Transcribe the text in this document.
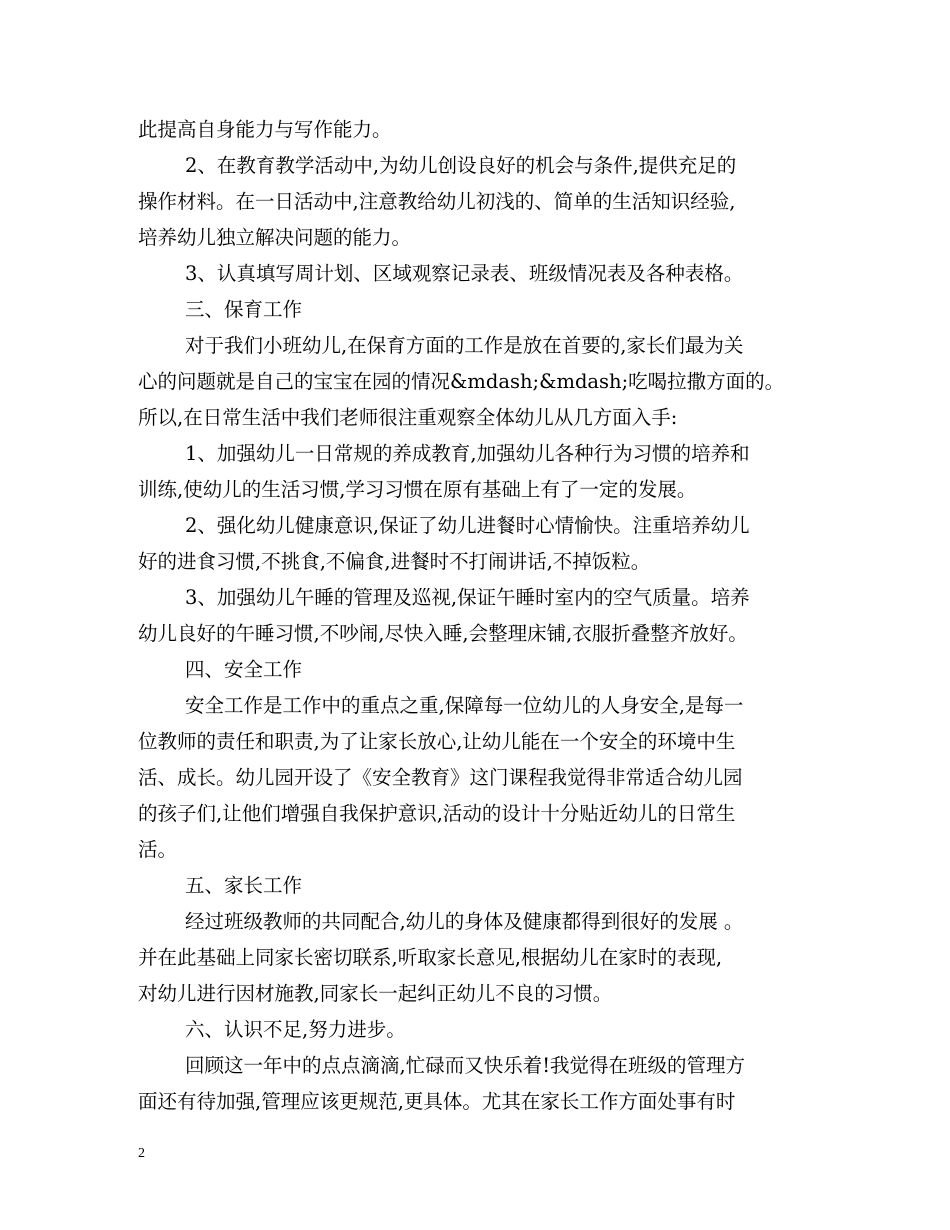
此提高自身能力与写作能力。
2、在教育教学活动中,为幼儿创设良好的机会与条件,提供充足的
操作材料。在一日活动中,注意教给幼儿初浅的、简单的生活知识经验,
培养幼儿独立解决问题的能力。
3、认真填写周计划、区域观察记录表、班级情况表及各种表格。
三、保育工作
对于我们小班幼儿,在保育方面的工作是放在首要的,家长们最为关
心的问题就是自己的宝宝在园的情况&mdash;&mdash;吃喝拉撒方面的。
所以,在日常生活中我们老师很注重观察全体幼儿从几方面入手:
1、加强幼儿一日常规的养成教育,加强幼儿各种行为习惯的培养和
训练,使幼儿的生活习惯,学习习惯在原有基础上有了一定的发展。
2、强化幼儿健康意识,保证了幼儿进餐时心情愉快。注重培养幼儿
好的进食习惯,不挑食,不偏食,进餐时不打闹讲话,不掉饭粒。
3、加强幼儿午睡的管理及巡视,保证午睡时室内的空气质量。培养
幼儿良好的午睡习惯,不吵闹,尽快入睡,会整理床铺,衣服折叠整齐放好。
四、安全工作
安全工作是工作中的重点之重,保障每一位幼儿的人身安全,是每一
位教师的责任和职责,为了让家长放心,让幼儿能在一个安全的环境中生
活、成长。幼儿园开设了《安全教育》这门课程我觉得非常适合幼儿园
的孩子们,让他们增强自我保护意识,活动的设计十分贴近幼儿的日常生
活。
五、家长工作
经过班级教师的共同配合,幼儿的身体及健康都得到很好的发展 。
并在此基础上同家长密切联系,听取家长意见,根据幼儿在家时的表现,
对幼儿进行因材施教,同家长一起纠正幼儿不良的习惯。
六、认识不足,努力进步。
回顾这一年中的点点滴滴,忙碌而又快乐着!我觉得在班级的管理方
面还有待加强,管理应该更规范,更具体。尤其在家长工作方面处事有时
2
